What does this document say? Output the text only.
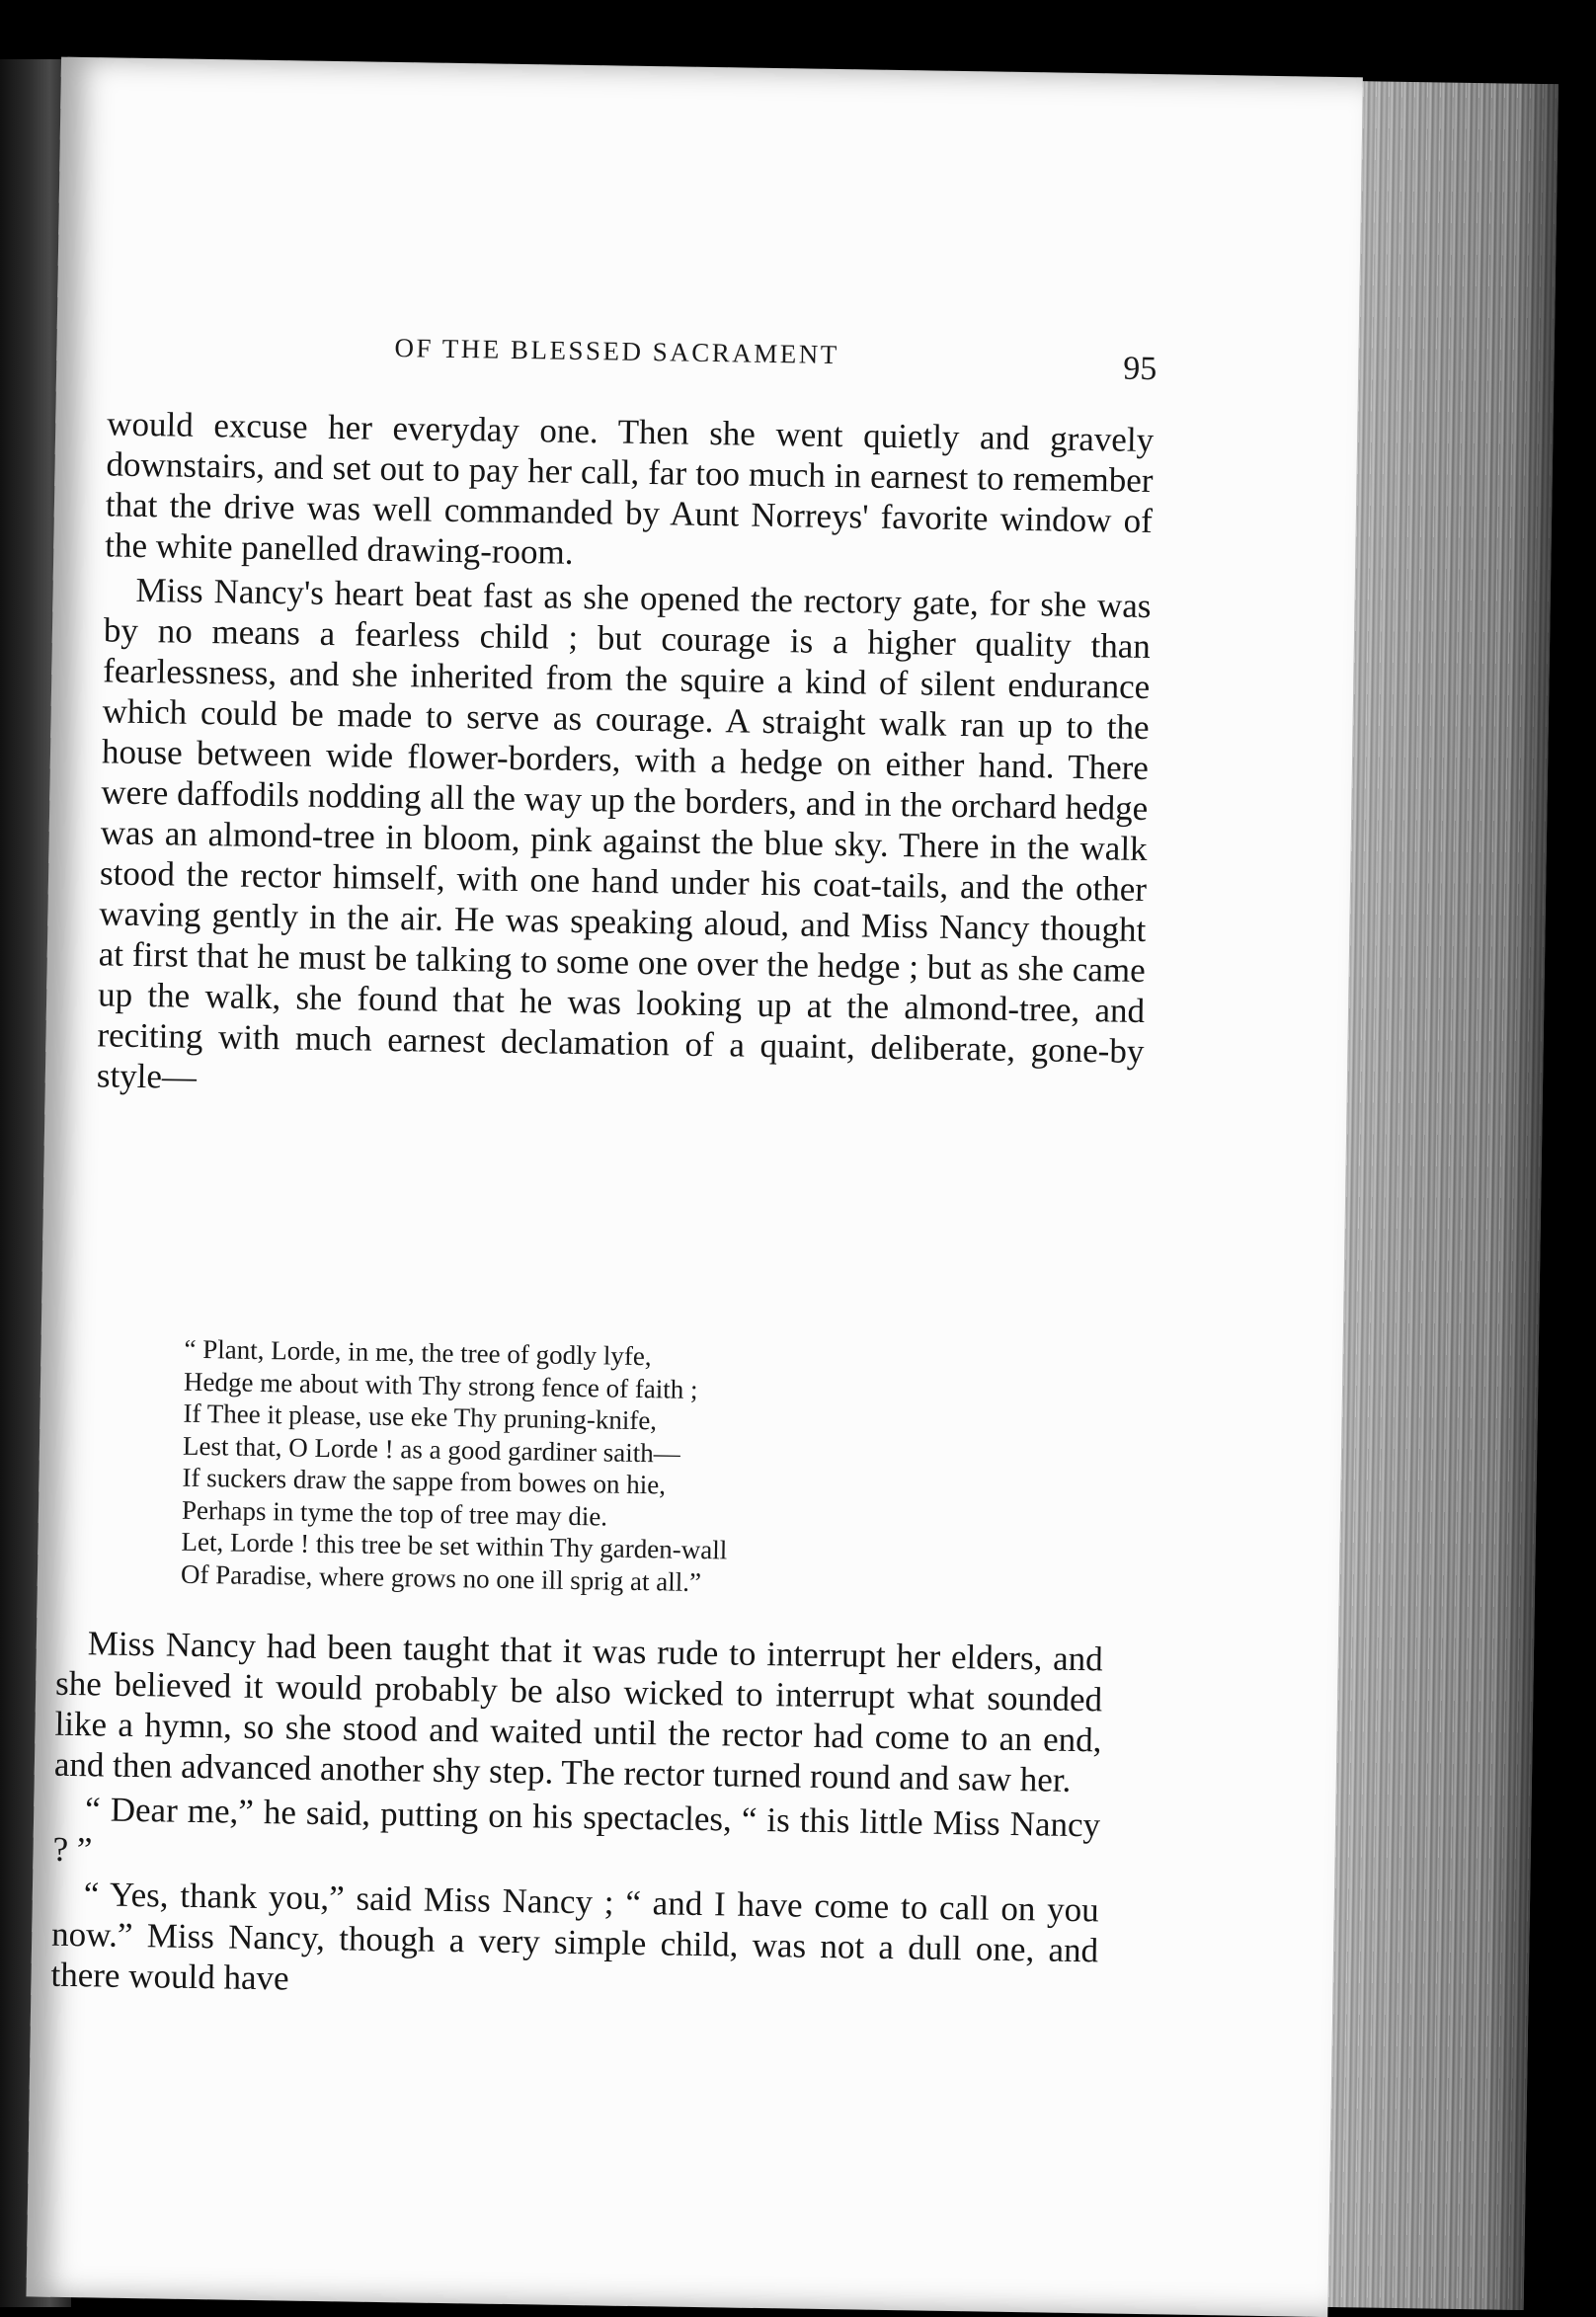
OF THE BLESSED SACRAMENT	95

would excuse her everyday one. Then she went quietly and gravely downstairs, and set out to pay her call, far too much in earnest to remember that the drive was well commanded by Aunt Norreys' favorite window of the white panelled drawing-room.

Miss Nancy's heart beat fast as she opened the rectory gate, for she was by no means a fearless child ; but courage is a higher quality than fearlessness, and she inherited from the squire a kind of silent endurance which could be made to serve as courage. A straight walk ran up to the house between wide flower-borders, with a hedge on either hand. There were daffodils nodding all the way up the borders, and in the orchard hedge was an almond-tree in bloom, pink against the blue sky. There in the walk stood the rector himself, with one hand under his coat-tails, and the other waving gently in the air. He was speaking aloud, and Miss Nancy thought at first that he must be talking to some one over the hedge ; but as she came up the walk, she found that he was looking up at the almond-tree, and reciting with much earnest declamation of a quaint, deliberate, gone-by style—

“ Plant, Lorde, in me, the tree of godly lyfe,
Hedge me about with Thy strong fence of faith ;
If Thee it please, use eke Thy pruning-knife,
Lest that, O Lorde ! as a good gardiner saith—
If suckers draw the sappe from bowes on hie,
Perhaps in tyme the top of tree may die.
Let, Lorde ! this tree be set within Thy garden-wall
Of Paradise, where grows no one ill sprig at all.”

Miss Nancy had been taught that it was rude to interrupt her elders, and she believed it would probably be also wicked to interrupt what sounded like a hymn, so she stood and waited until the rector had come to an end, and then advanced another shy step. The rector turned round and saw her.

“ Dear me,” he said, putting on his spectacles, “ is this little Miss Nancy ? ”

“ Yes, thank you,” said Miss Nancy ; “ and I have come to call on you now.” Miss Nancy, though a very simple child, was not a dull one, and there would have
